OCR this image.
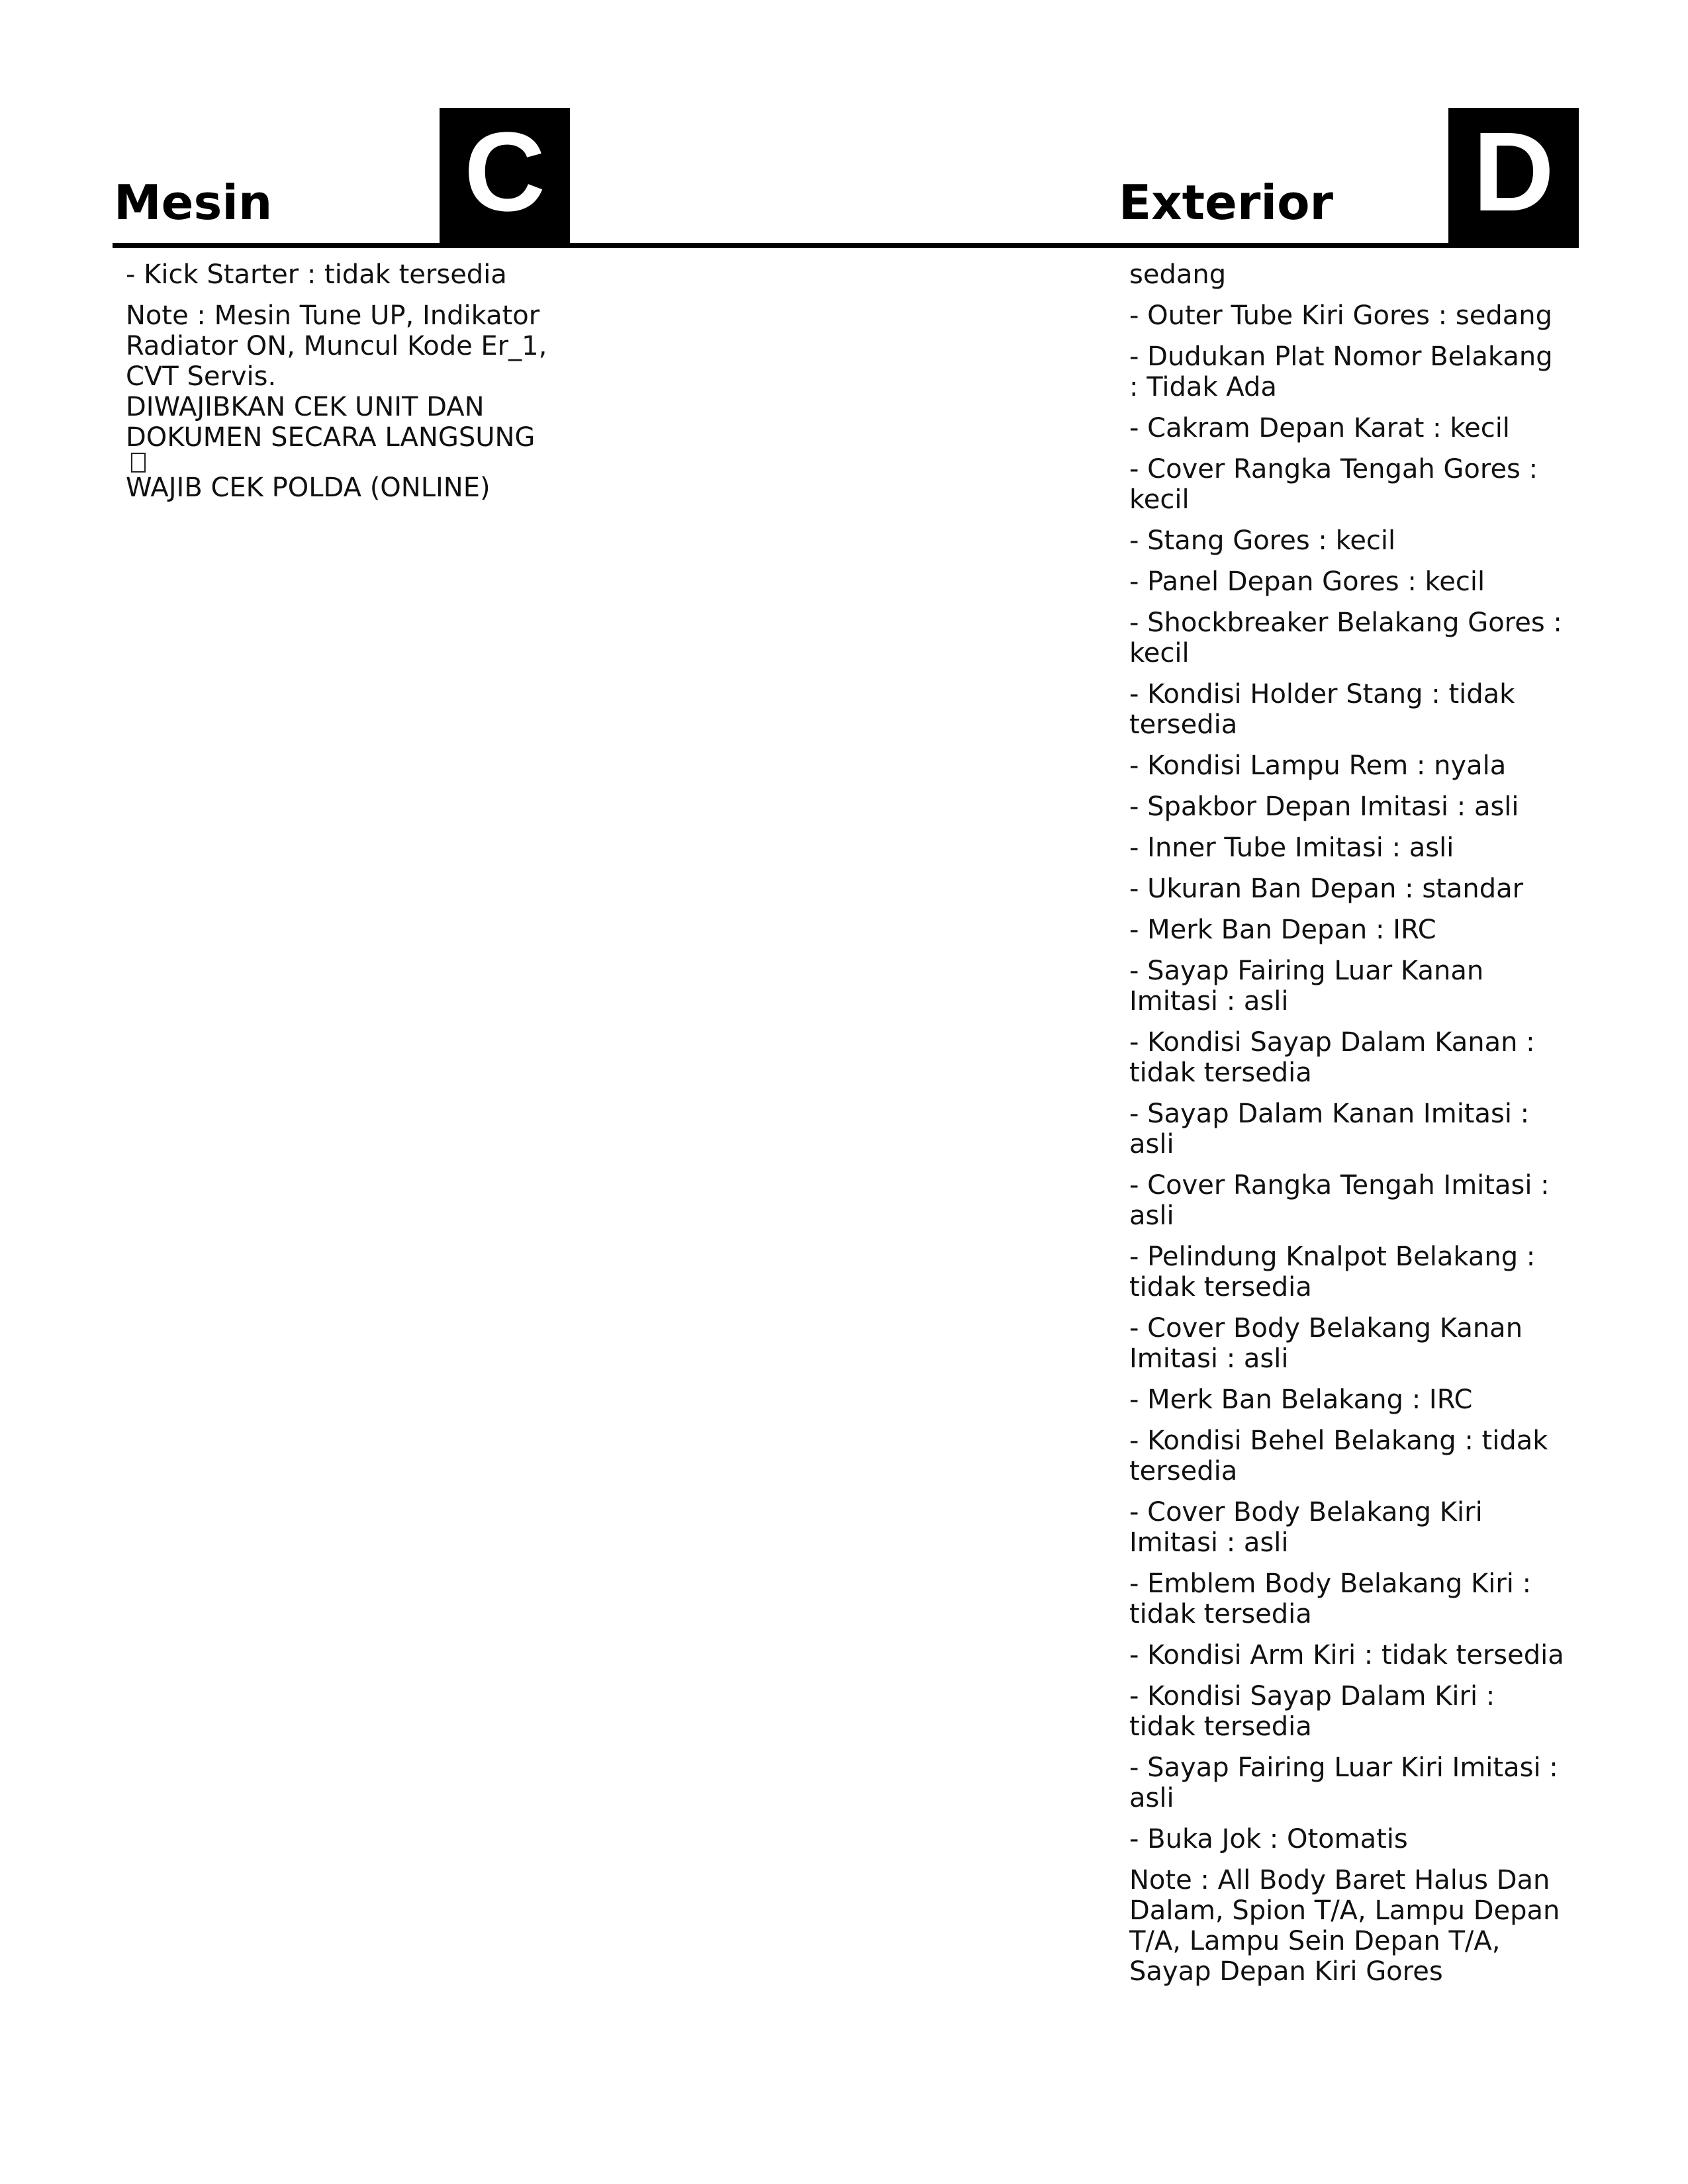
Mesin C	Exterior D

- Kick Starter : tidak tersedia

Note : Mesin Tune UP, Indikator Radiator ON, Muncul Kode Er_1, CVT Servis.
DIWAJIBKAN CEK UNIT DAN
DOKUMEN SECARA LANGSUNG
WAJIB CEK POLDA (ONLINE)

sedang

- Outer Tube Kiri Gores : sedang

- Dudukan Plat Nomor Belakang : Tidak Ada

- Cakram Depan Karat : kecil

- Cover Rangka Tengah Gores : kecil

- Stang Gores : kecil

- Panel Depan Gores : kecil

- Shockbreaker Belakang Gores : kecil

- Kondisi Holder Stang : tidak tersedia

- Kondisi Lampu Rem : nyala

- Spakbor Depan Imitasi : asli

- Inner Tube Imitasi : asli

- Ukuran Ban Depan : standar

- Merk Ban Depan : IRC

- Sayap Fairing Luar Kanan Imitasi : asli

- Kondisi Sayap Dalam Kanan : tidak tersedia

- Sayap Dalam Kanan Imitasi : asli

- Cover Rangka Tengah Imitasi : asli

- Pelindung Knalpot Belakang : tidak tersedia

- Cover Body Belakang Kanan Imitasi : asli

- Merk Ban Belakang : IRC

- Kondisi Behel Belakang : tidak tersedia

- Cover Body Belakang Kiri Imitasi : asli

- Emblem Body Belakang Kiri : tidak tersedia

- Kondisi Arm Kiri : tidak tersedia

- Kondisi Sayap Dalam Kiri : tidak tersedia

- Sayap Fairing Luar Kiri Imitasi : asli

- Buka Jok : Otomatis

Note : All Body Baret Halus Dan Dalam, Spion T/A, Lampu Depan T/A, Lampu Sein Depan T/A, Sayap Depan Kiri Gores
